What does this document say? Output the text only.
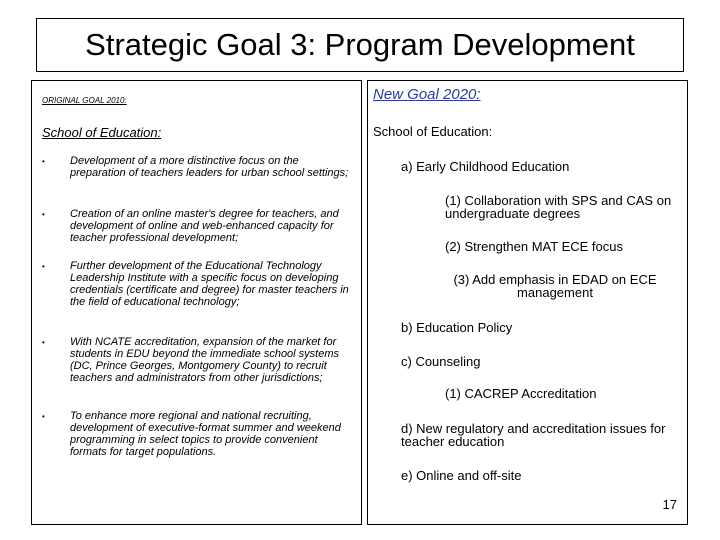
Strategic Goal 3: Program Development
ORIGINAL GOAL 2010:
School of Education:
• Development of a more distinctive focus on the preparation of teachers leaders for urban school settings;
• Creation of an online master's degree for teachers, and development of online and web-enhanced capacity for teacher professional development;
• Further development of the Educational Technology Leadership Institute with a specific focus on developing credentials (certificate and degree) for master teachers in the field of educational technology;
• With NCATE accreditation, expansion of the market for students in EDU beyond the immediate school systems (DC, Prince Georges, Montgomery County) to recruit teachers and administrators from other jurisdictions;
• To enhance more regional and national recruiting, development of executive-format summer and weekend programming in select topics to provide convenient formats for target populations.
New Goal 2020:
School of Education:
a) Early Childhood Education
(1) Collaboration with SPS and CAS on undergraduate degrees
(2) Strengthen MAT ECE focus
(3) Add emphasis in EDAD on ECE management
b) Education Policy
c) Counseling
(1) CACREP Accreditation
d) New regulatory and accreditation issues for teacher education
e) Online and off-site
17
